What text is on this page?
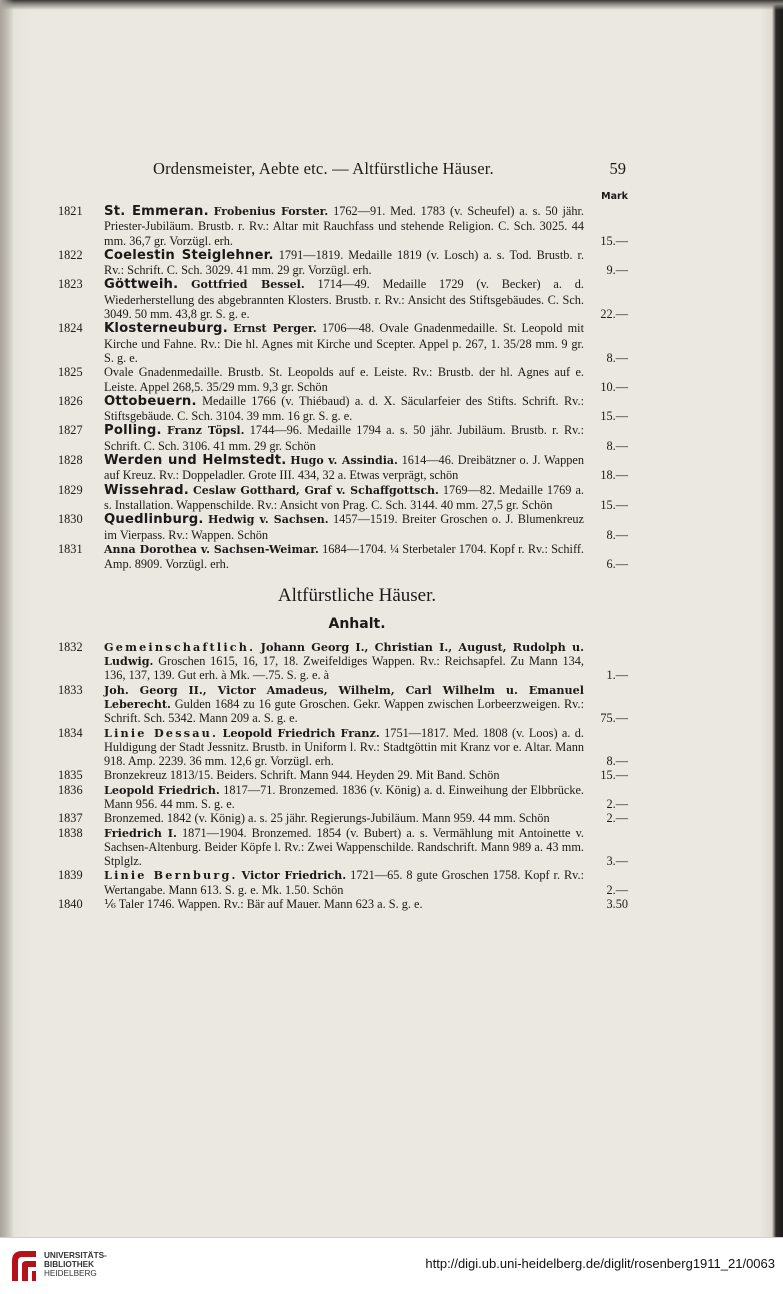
Ordensmeister, Aebte etc. — Altfürstliche Häuser.	59
Mark
1821	St. Emmeran. Frobenius Forster. 1762—91. Med. 1783 (v. Scheufel) a. s. 50 jähr. Priester-Jubiläum. Brustb. r. Rv.: Altar mit Rauchfass und stehende Religion. C. Sch. 3025. 44 mm. 36,7 gr. Vorzügl. erh.	15.—
1822	Coelestin Steiglehner. 1791—1819. Medaille 1819 (v. Losch) a. s. Tod. Brustb. r. Rv.: Schrift. C. Sch. 3029. 41 mm. 29 gr. Vorzügl. erh.	9.—
1823	Göttweih. Gottfried Bessel. 1714—49. Medaille 1729 (v. Becker) a. d. Wiederherstellung des abgebrannten Klosters. Brustb. r. Rv.: Ansicht des Stiftsgebäudes. C. Sch. 3049. 50 mm. 43,8 gr. S. g. e.	22.—
1824	Klosterneuburg. Ernst Perger. 1706—48. Ovale Gnadenmedaille. St. Leopold mit Kirche und Fahne. Rv.: Die hl. Agnes mit Kirche und Scepter. Appel p. 267, 1. 35/28 mm. 9 gr. S. g. e.	8.—
1825	Ovale Gnadenmedaille. Brustb. St. Leopolds auf e. Leiste. Rv.: Brustb. der hl. Agnes auf e. Leiste. Appel 268,5. 35/29 mm. 9,3 gr. Schön	10.—
1826	Ottobeuern. Medaille 1766 (v. Thiébaud) a. d. X. Säcularfeier des Stifts. Schrift. Rv.: Stiftsgebäude. C. Sch. 3104. 39 mm. 16 gr. S. g. e.	15.—
1827	Polling. Franz Töpsl. 1744—96. Medaille 1794 a. s. 50 jähr. Jubiläum. Brustb. r. Rv.: Schrift. C. Sch. 3106. 41 mm. 29 gr. Schön	8.—
1828	Werden und Helmstedt. Hugo v. Assindia. 1614—46. Dreibätzner o. J. Wappen auf Kreuz. Rv.: Doppeladler. Grote III. 434, 32 a. Etwas verprägt, schön	18.—
1829	Wissehrad. Ceslaw Gotthard, Graf v. Schaffgottsch. 1769—82. Medaille 1769 a. s. Installation. Wappenschilde. Rv.: Ansicht von Prag. C. Sch. 3144. 40 mm. 27,5 gr. Schön	15.—
1830	Quedlinburg. Hedwig v. Sachsen. 1457—1519. Breiter Groschen o. J. Blumenkreuz im Vierpass. Rv.: Wappen. Schön	8.—
1831	Anna Dorothea v. Sachsen-Weimar. 1684—1704. ¼ Sterbetaler 1704. Kopf r. Rv.: Schiff. Amp. 8909. Vorzügl. erh.	6.—
Altfürstliche Häuser.
Anhalt.
1832	Gemeinschaftlich. Johann Georg I., Christian I., August, Rudolph u. Ludwig. Groschen 1615, 16, 17, 18. Zweifeldiges Wappen. Rv.: Reichsapfel. Zu Mann 134, 136, 137, 139. Gut erh. à Mk. —.75. S. g. e. à	1.—
1833	Joh. Georg II., Victor Amadeus, Wilhelm, Carl Wilhelm u. Emanuel Leberecht. Gulden 1684 zu 16 gute Groschen. Gekr. Wappen zwischen Lorbeerzweigen. Rv.: Schrift. Sch. 5342. Mann 209 a. S. g. e.	75.—
1834	Linie Dessau. Leopold Friedrich Franz. 1751—1817. Med. 1808 (v. Loos) a. d. Huldigung der Stadt Jessnitz. Brustb. in Uniform l. Rv.: Stadtgöttin mit Kranz vor e. Altar. Mann 918. Amp. 2239. 36 mm. 12,6 gr. Vorzügl. erh.	8.—
1835	Bronzekreuz 1813/15. Beiders. Schrift. Mann 944. Heyden 29. Mit Band. Schön	15.—
1836	Leopold Friedrich. 1817—71. Bronzemed. 1836 (v. König) a. d. Einweihung der Elbbrücke. Mann 956. 44 mm. S. g. e.	2.—
1837	Bronzemed. 1842 (v. König) a. s. 25 jähr. Regierungs-Jubiläum. Mann 959. 44 mm. Schön	2.—
1838	Friedrich I. 1871—1904. Bronzemed. 1854 (v. Bubert) a. s. Vermählung mit Antoinette v. Sachsen-Altenburg. Beider Köpfe l. Rv.: Zwei Wappenschilde. Randschrift. Mann 989 a. 43 mm. Stplglz.	3.—
1839	Linie Bernburg. Victor Friedrich. 1721—65. 8 gute Groschen 1758. Kopf r. Rv.: Wertangabe. Mann 613. S. g. e. Mk. 1.50. Schön	2.—
1840	⅙ Taler 1746. Wappen. Rv.: Bär auf Mauer. Mann 623 a. S. g. e.	3.50
UNIVERSITÄTS-
BIBLIOTHEK
HEIDELBERG
http://digi.ub.uni-heidelberg.de/diglit/rosenberg1911_21/0063
